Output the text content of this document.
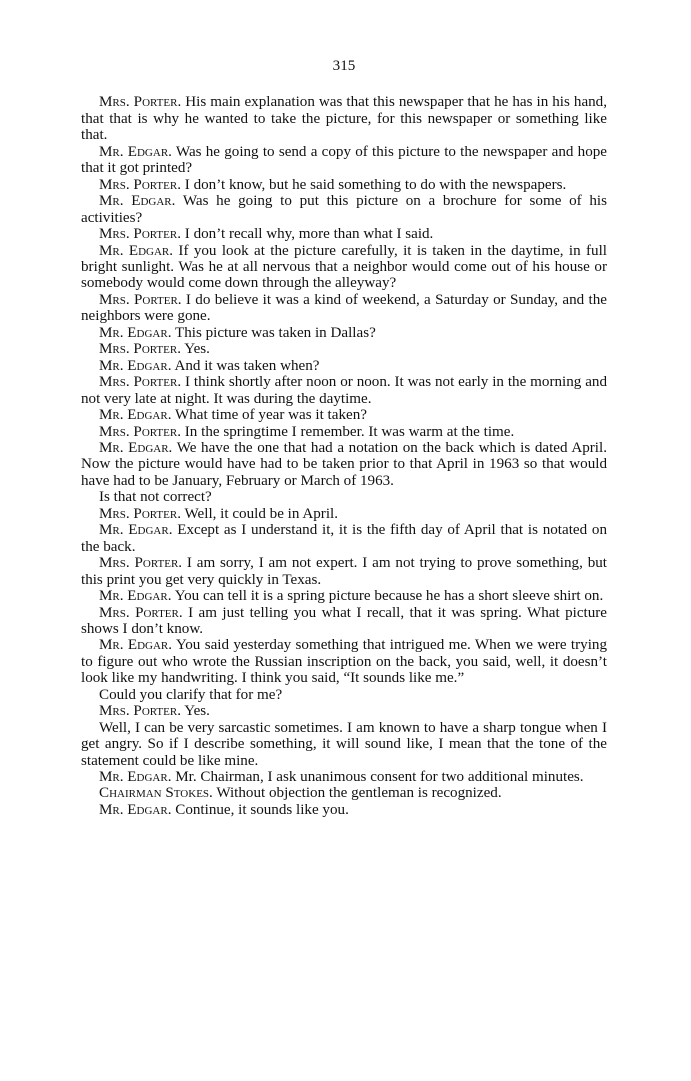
315

Mrs. Porter . His main explanation was that this newspaper that he has in his hand, that that is why he wanted to take the picture, for this newspaper or something like that.

Mr. Edgar . Was he going to send a copy of this picture to the newspaper and hope that it got printed?

Mrs. Porter . I don’t know, but he said something to do with the newspapers.

Mr. Edgar . Was he going to put this picture on a brochure for some of his activities?

Mrs. Porter . I don’t recall why, more than what I said.

Mr. Edgar . If you look at the picture carefully, it is taken in the daytime, in full bright sunlight. Was he at all nervous that a neighbor would come out of his house or somebody would come down through the alleyway?

Mrs. Porter . I do believe it was a kind of weekend, a Saturday or Sunday, and the neighbors were gone.

Mr. Edgar . This picture was taken in Dallas?

Mrs. Porter . Yes.

Mr. Edgar . And it was taken when?

Mrs. Porter . I think shortly after noon or noon. It was not early in the morning and not very late at night. It was during the daytime.

Mr. Edgar . What time of year was it taken?

Mrs. Porter . In the springtime I remember. It was warm at the time.

Mr. Edgar . We have the one that had a notation on the back which is dated April. Now the picture would have had to be taken prior to that April in 1963 so that would have had to be January, February or March of 1963.

Is that not correct?

Mrs. Porter . Well, it could be in April.

Mr. Edgar . Except as I understand it, it is the fifth day of April that is notated on the back.

Mrs. Porter . I am sorry, I am not expert. I am not trying to prove something, but this print you get very quickly in Texas.

Mr. Edgar . You can tell it is a spring picture because he has a short sleeve shirt on.

Mrs. Porter . I am just telling you what I recall, that it was spring. What picture shows I don’t know.

Mr. Edgar . You said yesterday something that intrigued me. When we were trying to figure out who wrote the Russian inscription on the back, you said, well, it doesn’t look like my handwriting. I think you said, “It sounds like me.”

Could you clarify that for me?

Mrs. Porter . Yes.

Well, I can be very sarcastic sometimes. I am known to have a sharp tongue when I get angry. So if I describe something, it will sound like, I mean that the tone of the statement could be like mine.

Mr. Edgar . Mr. Chairman, I ask unanimous consent for two additional minutes.

Chairman Stokes . Without objection the gentleman is recognized.

Mr. Edgar . Continue, it sounds like you.
